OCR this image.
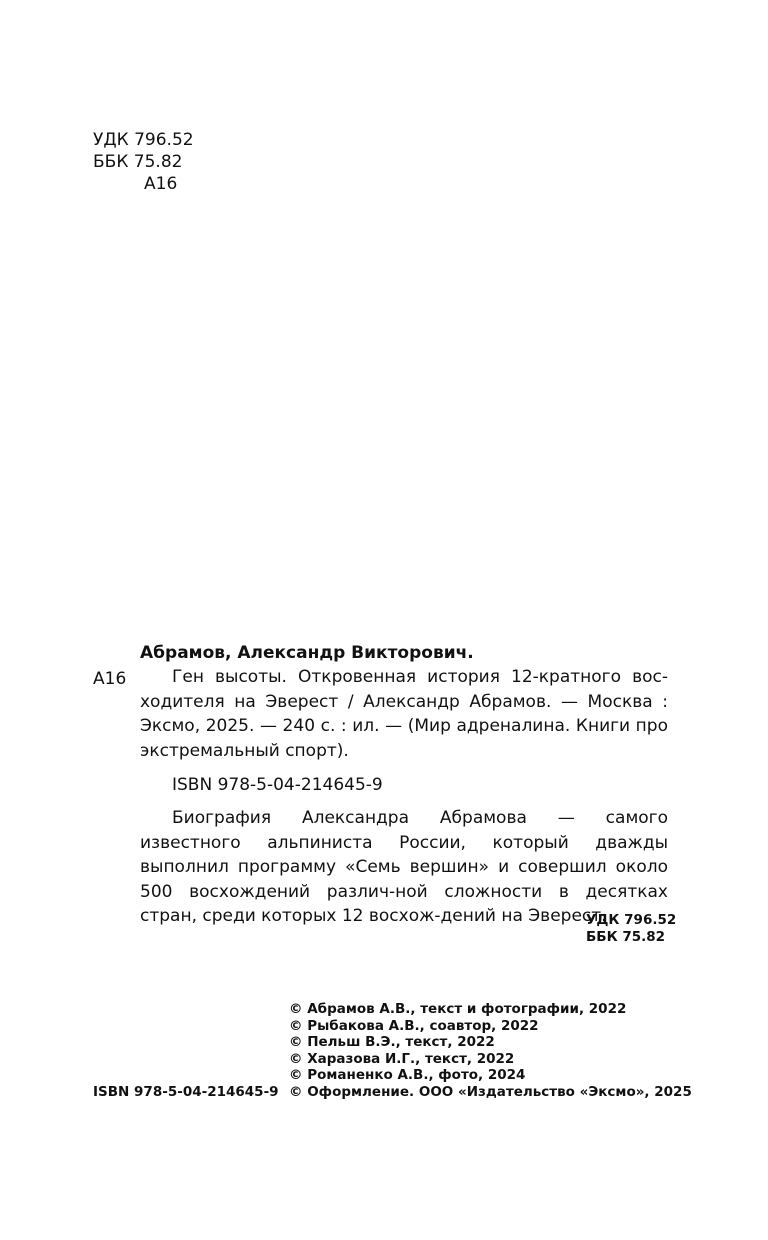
УДК 796.52
ББК 75.82
А16
Абрамов, Александр Викторович.
А16	Ген высоты. Откровенная история 12-кратного вос-ходителя на Эверест / Александр Абрамов. — Москва : Эксмо, 2025. — 240 с. : ил. — (Мир адреналина. Книги про экстремальный спорт).
ISBN 978-5-04-214645-9
Биография Александра Абрамова — самого известного альпиниста России, который дважды выполнил программу «Семь вершин» и совершил около 500 восхождений различ-ной сложности в десятках стран, среди которых 12 восхож-дений на Эверест.
УДК 796.52
ББК 75.82
© Абрамов А.В., текст и фотографии, 2022
© Рыбакова А.В., соавтор, 2022
© Пельш В.Э., текст, 2022
© Харазова И.Г., текст, 2022
© Романенко А.В., фото, 2024
© Оформление. ООО «Издательство «Эксмо», 2025
ISBN 978-5-04-214645-9
